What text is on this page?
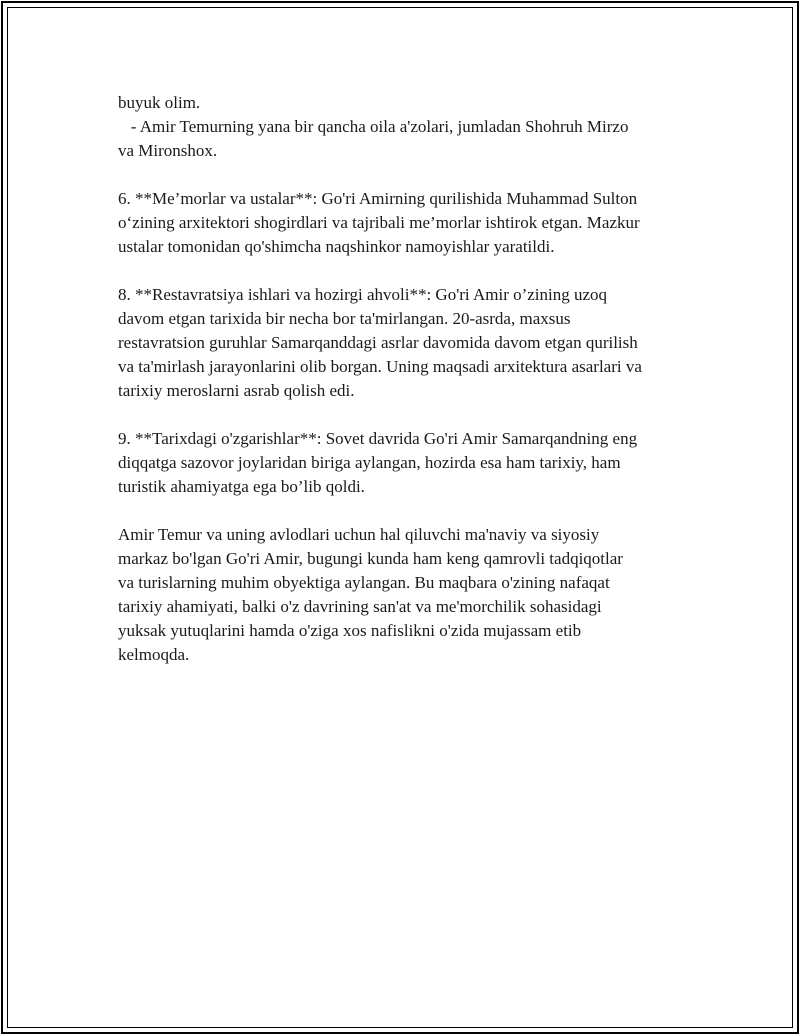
buyuk olim.
- Amir Temurning yana bir qancha oila a'zolari, jumladan Shohruh Mirzo
va Mironshox.

6. **Me’morlar va ustalar**: Go'ri Amirning qurilishida Muhammad Sulton
o‘zining arxitektori shogirdlari va tajribali me’morlar ishtirok etgan. Mazkur
ustalar tomonidan qo'shimcha naqshinkor namoyishlar yaratildi.

8. **Restavratsiya ishlari va hozirgi ahvoli**: Go'ri Amir o’zining uzoq
davom etgan tarixida bir necha bor ta'mirlangan. 20-asrda, maxsus
restavratsion guruhlar Samarqanddagi asrlar davomida davom etgan qurilish
va ta'mirlash jarayonlarini olib borgan. Uning maqsadi arxitektura asarlari va
tarixiy meroslarni asrab qolish edi.

9. **Tarixdagi o'zgarishlar**: Sovet davrida Go'ri Amir Samarqandning eng
diqqatga sazovor joylaridan biriga aylangan, hozirda esa ham tarixiy, ham
turistik ahamiyatga ega bo’lib qoldi.

Amir Temur va uning avlodlari uchun hal qiluvchi ma'naviy va siyosiy
markaz bo'lgan Go'ri Amir, bugungi kunda ham keng qamrovli tadqiqotlar
va turislarning muhim obyektiga aylangan. Bu maqbara o'zining nafaqat
tarixiy ahamiyati, balki o'z davrining san'at va me'morchilik sohasidagi
yuksak yutuqlarini hamda o'ziga xos nafislikni o'zida mujassam etib
kelmoqda.
